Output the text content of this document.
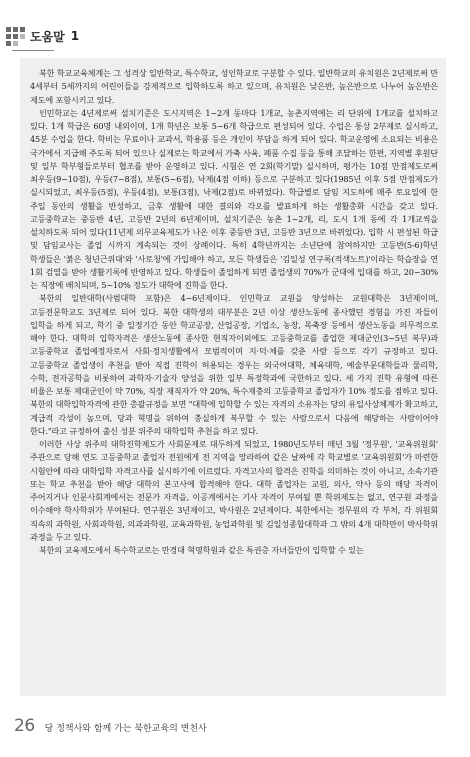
도움말 1

북한 학교교육체계는 그 성격상 일반학교, 특수학교, 성인학교로 구분할 수 있다. 일반학교의 유치원은 2년제로써 만 4세부터 5세까지의 어린이들을 강제적으로 입학하도록 하고 있으며, 유치원은 낮은반, 높은반으로 나누어 높은반은 제도에 포함시키고 있다.

인민학교는 4년제로써 설치기준은 도시지역은 1~2개 동마다 1개교, 농촌지역에는 리 단위에 1개교를 설치하고 있다. 1개 학급은 60명 내외이며, 1개 학년은 보통 5~6개 학급으로 편성되어 있다. 수업은 통상 2부제로 실시하고, 45분 수업을 한다. 학비는 무료이나 교과서, 학용품 등은 개인이 부담을 하게 되어 있다. 학교운영에 소요되는 비용은 국가에서 지급해 주도록 되어 있으나 실제로는 학교에서 가축 사육, 폐품 수집 등을 통해 조달하는 한편, 지역별 후원단 및 일부 학부형들로부터 협조를 받아 운영하고 있다. 시험은 연 2회(학기말) 실시하며, 평가는 10점 만점제도로써 최우등(9~10점), 우등(7~8점), 보통(5~6점), 낙제(4점 이하) 등으로 구분하고 있다(1985년 이후 5점 만점제도가 실시되었고, 최우등(5점), 우등(4점), 보통(3점), 낙제(2점)로 바뀌었다). 학급별로 담임 지도하에 매주 토요일에 한 주일 동안의 생활을 반성하고, 금후 생활에 대한 결의와 각오를 발표하게 하는 생활총화 시간을 갖고 있다. 고등중학교는 중등반 4년, 고등반 2년의 6년제이며, 설치기준은 농촌 1~2개, 리, 도시 1개 동에 각 1개교씩을 설치하도록 되어 있다(11년제 의무교육제도가 나온 이후 중등반 3년, 고등반 3년으로 바뀌었다). 입학 시 편성된 학급 및 담임교사는 졸업 시까지 계속되는 것이 상례이다. 특히 4학년까지는 소년단에 참여하지만 고등반(5-6)학년 학생들은 '붉은 청년근위대'와 '사로청'에 가입해야 하고, 모든 학생들은 '김일성 연구록(적색노트)'이라는 학습장을 연 1회 검열을 받아 생활기록에 반영하고 있다. 학생들이 졸업하게 되면 졸업생의 70%가 군대에 입대를 하고, 20~30%는 직장에 배치되며, 5~10% 정도가 대학에 진학을 한다.

북한의 일반대학(사범대학 포함)은 4~6년제이다. 인민학교 교원을 양성하는 교원대학은 3년제이며, 고등전문학교도 3년제로 되어 있다. 북한 대학생의 대부분은 2년 이상 생산노동에 종사했던 경험을 가진 자들이 입학을 하게 되고, 학기 중 일정기간 동안 학교공장, 산업공장, 기업소, 농장, 목축장 등에서 생산노동을 의무적으로 해야 한다. 대학의 입학자격은 생산노동에 종사한 현직자이외에도 고등중학교를 졸업한 제대군인(3~5년 복무)과 고등중학교 졸업예정자로서 사회·정치생활에서 모범적이며 지·덕·체를 갖춘 사람 등으로 각기 규정하고 있다. 고등중학교 졸업생이 추천을 받아 직접 진학이 허용되는 경우는 외국어대학, 체육대학, 예술부문대학들과 물리학, 수학, 전자공학을 비롯하여 과학자·기술자 양성을 위한 일부 특정학과에 국한하고 있다. 세 가지 진학 유형에 따른 비율은 보통 제대군인이 약 70%, 직장 재직자가 약 20%, 특수재충의 고등중학교 졸업자가 10% 정도를 점하고 있다. 북한의 대학입학자격에 관한 총괄규정을 보면 "대학에 입학할 수 있는 자격의 소유자는 당의 유일사상체계가 확고하고, 계급적 각성이 높으며, 당과 혁명을 위하여 충실하게 복무할 수 있는 사람으로서 다음에 해당하는 사람이어야 한다."라고 규정하여 출신 성분 위주의 대학입학 추천을 하고 있다.

이러한 사상 위주의 대학진학제도가 사회문제로 대두하게 되었고, 1980년도부터 매년 3월 '정무원', '교육위원회' 주관으로 당해 연도 고등중학교 졸업자 전원에게 전 지역을 망라하여 같은 날짜에 각 학교별로 '교육위원회'가 마련한 시험안에 따라 대학입학 자격고사를 실시하기에 이르렀다. 자격고사의 합격은 진학을 의미하는 것이 아니고, 소속기관 또는 학교 추천을 받아 해당 대학의 본고사에 합격해야 한다. 대학 졸업자는 교원, 의사, 약사 등의 해당 자격이 주어지거나 인문사회계에서는 전문가 자격을, 이공계에서는 기사 자격이 부여될 뿐 학위제도는 없고, 연구원 과정을 이수해야 학사학위가 부여된다. 연구원은 3년제이고, 박사원은 2년제이다. 북한에서는 정무원의 각 부처, 각 위원회 직속의 과학원, 사회과학원, 의과과학원, 교육과학원, 농업과학원 및 김일성종합대학과 그 밖의 4개 대학만이 박사학위 과정을 두고 있다.

북한의 교육제도에서 특수학교로는 만경대 혁명학원과 같은 특권층 자녀들만이 입학할 수 있는

26 당 정책사와 함께 가는 북한교육의 변천사
